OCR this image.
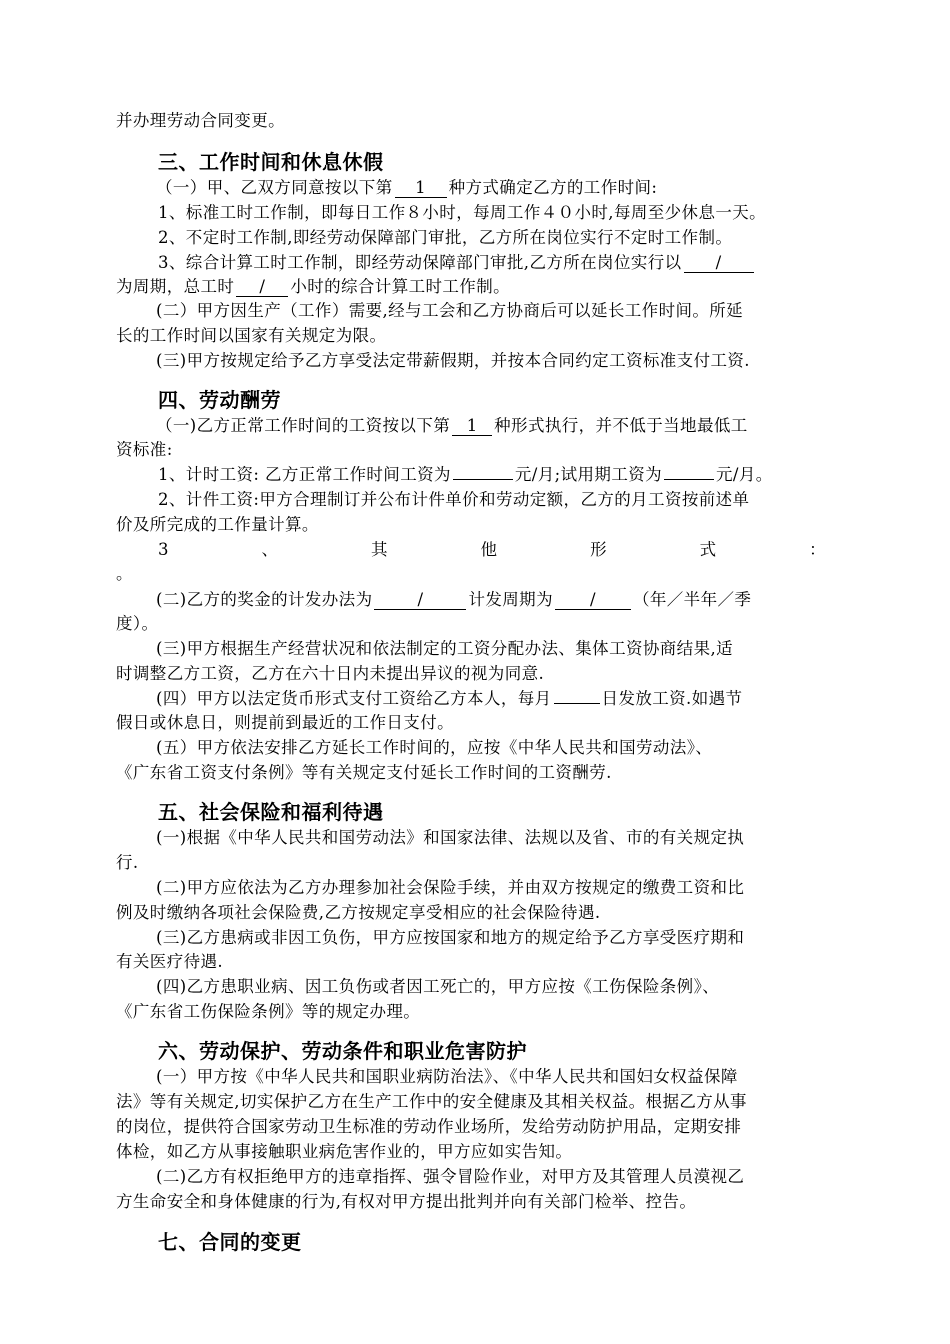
并办理劳动合同变更。
三、工作时间和休息休假
（一）甲、乙双方同意按以下第 1 种方式确定乙方的工作时间:
1、标准工时工作制，即每日工作８小时，每周工作４０小时,每周至少休息一天。
2、不定时工作制,即经劳动保障部门审批，乙方所在岗位实行不定时工作制。
3、综合计算工时工作制，即经劳动保障部门审批,乙方所在岗位实行以 /
为周期，总工时 / 小时的综合计算工时工作制。
(二）甲方因生产（工作）需要,经与工会和乙方协商后可以延长工作时间。所延
长的工作时间以国家有关规定为限。
(三)甲方按规定给予乙方享受法定带薪假期，并按本合同约定工资标准支付工资.
四、劳动酬劳
（一)乙方正常工作时间的工资按以下第 1 种形式执行，并不低于当地最低工
资标准:
1、计时工资: 乙方正常工作时间工资为	元/月;试用期工资为	元/月。
2、计件工资:甲方合理制订并公布计件单价和劳动定额，乙方的月工资按前述单
价及所完成的工作量计算。
3	、	其	他	形	式	：
。
(二)乙方的奖金的计发办法为	/	计发周期为 / （年／半年／季
度）。
(三)甲方根据生产经营状况和依法制定的工资分配办法、集体工资协商结果,适
时调整乙方工资，乙方在六十日内未提出异议的视为同意.
(四）甲方以法定货币形式支付工资给乙方本人，每月	日发放工资.如遇节
假日或休息日，则提前到最近的工作日支付。
(五）甲方依法安排乙方延长工作时间的，应按《中华人民共和国劳动法》、
《广东省工资支付条例》等有关规定支付延长工作时间的工资酬劳.
五、社会保险和福利待遇
(一)根据《中华人民共和国劳动法》和国家法律、法规以及省、市的有关规定执
行.
(二)甲方应依法为乙方办理参加社会保险手续，并由双方按规定的缴费工资和比
例及时缴纳各项社会保险费,乙方按规定享受相应的社会保险待遇.
(三)乙方患病或非因工负伤，甲方应按国家和地方的规定给予乙方享受医疗期和
有关医疗待遇.
(四)乙方患职业病、因工负伤或者因工死亡的，甲方应按《工伤保险条例》、
《广东省工伤保险条例》等的规定办理。
六、劳动保护、劳动条件和职业危害防护
(一）甲方按《中华人民共和国职业病防治法》、《中华人民共和国妇女权益保障
法》等有关规定,切实保护乙方在生产工作中的安全健康及其相关权益。根据乙方从事
的岗位，提供符合国家劳动卫生标准的劳动作业场所，发给劳动防护用品，定期安排
体检，如乙方从事接触职业病危害作业的，甲方应如实告知。
(二)乙方有权拒绝甲方的违章指挥、强令冒险作业，对甲方及其管理人员漠视乙
方生命安全和身体健康的行为,有权对甲方提出批判并向有关部门检举、控告。
七、合同的变更
